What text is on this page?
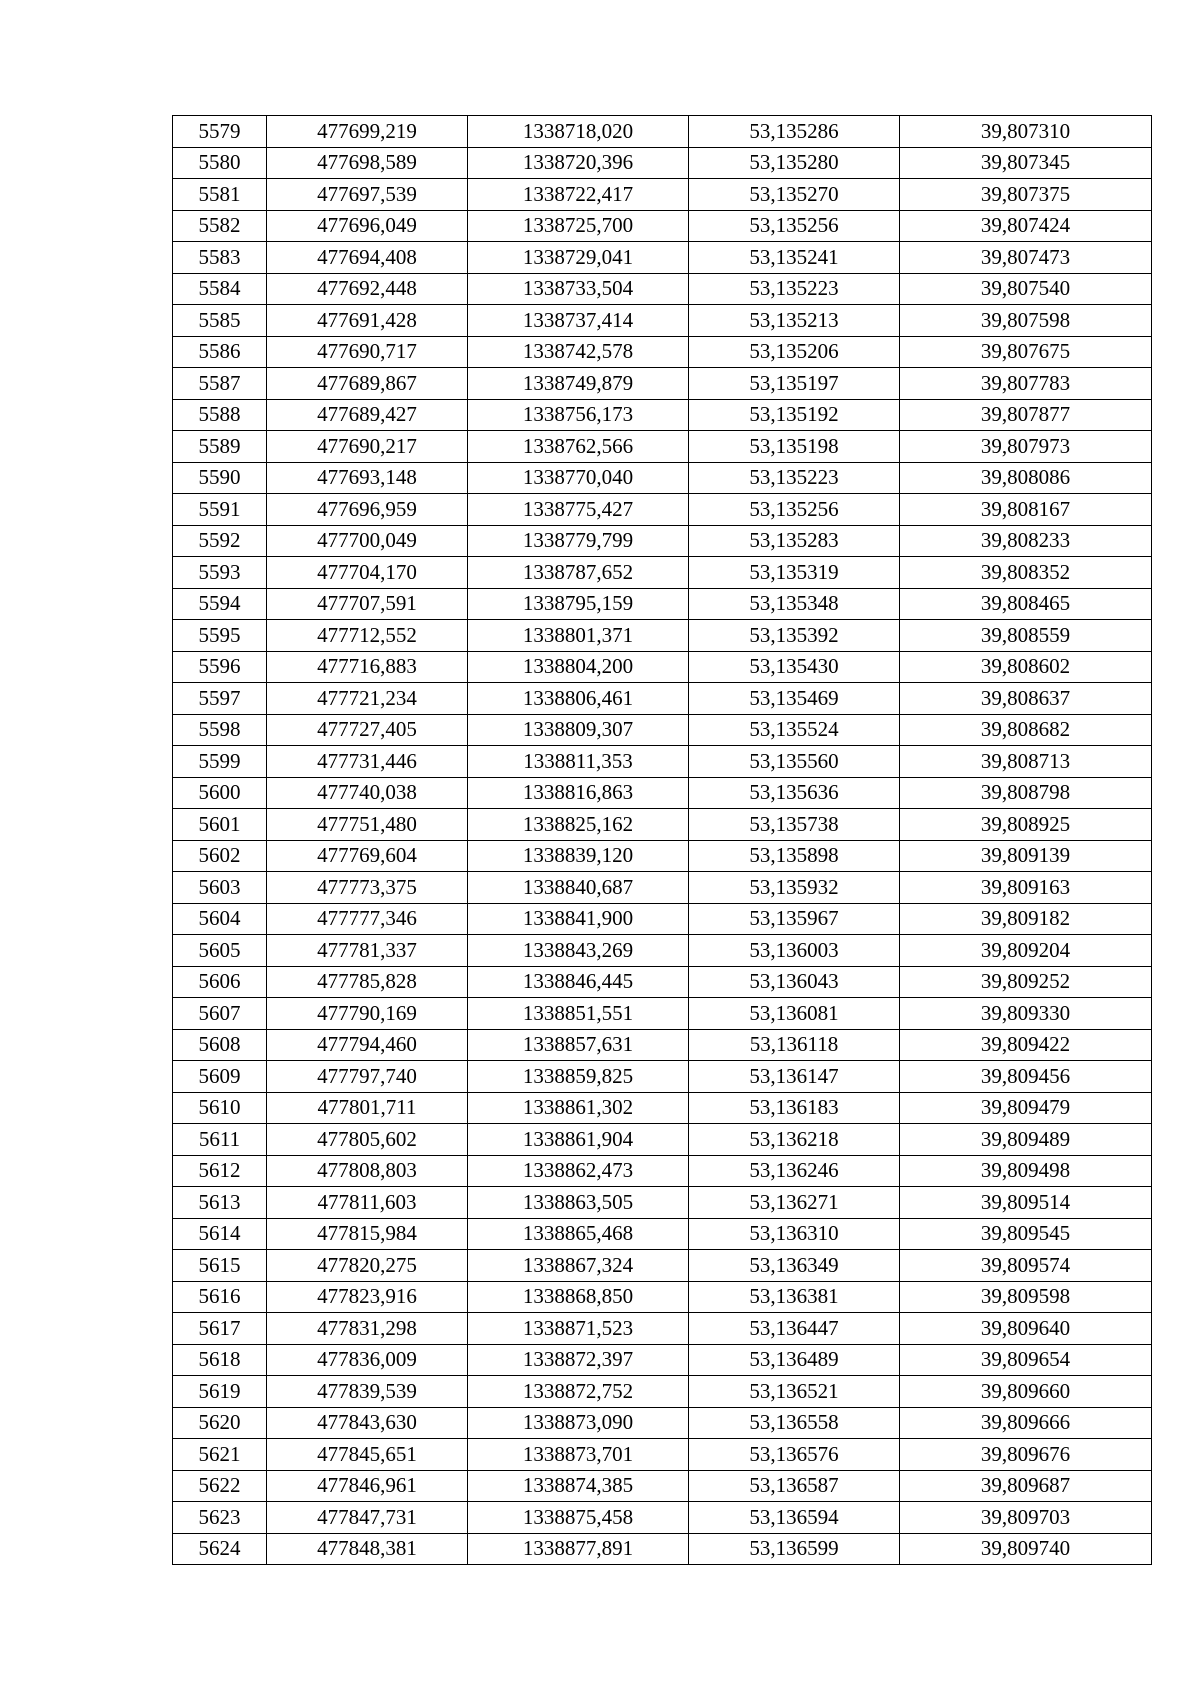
5579	477699,219	1338718,020	53,135286	39,807310
5580	477698,589	1338720,396	53,135280	39,807345
5581	477697,539	1338722,417	53,135270	39,807375
5582	477696,049	1338725,700	53,135256	39,807424
5583	477694,408	1338729,041	53,135241	39,807473
5584	477692,448	1338733,504	53,135223	39,807540
5585	477691,428	1338737,414	53,135213	39,807598
5586	477690,717	1338742,578	53,135206	39,807675
5587	477689,867	1338749,879	53,135197	39,807783
5588	477689,427	1338756,173	53,135192	39,807877
5589	477690,217	1338762,566	53,135198	39,807973
5590	477693,148	1338770,040	53,135223	39,808086
5591	477696,959	1338775,427	53,135256	39,808167
5592	477700,049	1338779,799	53,135283	39,808233
5593	477704,170	1338787,652	53,135319	39,808352
5594	477707,591	1338795,159	53,135348	39,808465
5595	477712,552	1338801,371	53,135392	39,808559
5596	477716,883	1338804,200	53,135430	39,808602
5597	477721,234	1338806,461	53,135469	39,808637
5598	477727,405	1338809,307	53,135524	39,808682
5599	477731,446	1338811,353	53,135560	39,808713
5600	477740,038	1338816,863	53,135636	39,808798
5601	477751,480	1338825,162	53,135738	39,808925
5602	477769,604	1338839,120	53,135898	39,809139
5603	477773,375	1338840,687	53,135932	39,809163
5604	477777,346	1338841,900	53,135967	39,809182
5605	477781,337	1338843,269	53,136003	39,809204
5606	477785,828	1338846,445	53,136043	39,809252
5607	477790,169	1338851,551	53,136081	39,809330
5608	477794,460	1338857,631	53,136118	39,809422
5609	477797,740	1338859,825	53,136147	39,809456
5610	477801,711	1338861,302	53,136183	39,809479
5611	477805,602	1338861,904	53,136218	39,809489
5612	477808,803	1338862,473	53,136246	39,809498
5613	477811,603	1338863,505	53,136271	39,809514
5614	477815,984	1338865,468	53,136310	39,809545
5615	477820,275	1338867,324	53,136349	39,809574
5616	477823,916	1338868,850	53,136381	39,809598
5617	477831,298	1338871,523	53,136447	39,809640
5618	477836,009	1338872,397	53,136489	39,809654
5619	477839,539	1338872,752	53,136521	39,809660
5620	477843,630	1338873,090	53,136558	39,809666
5621	477845,651	1338873,701	53,136576	39,809676
5622	477846,961	1338874,385	53,136587	39,809687
5623	477847,731	1338875,458	53,136594	39,809703
5624	477848,381	1338877,891	53,136599	39,809740
